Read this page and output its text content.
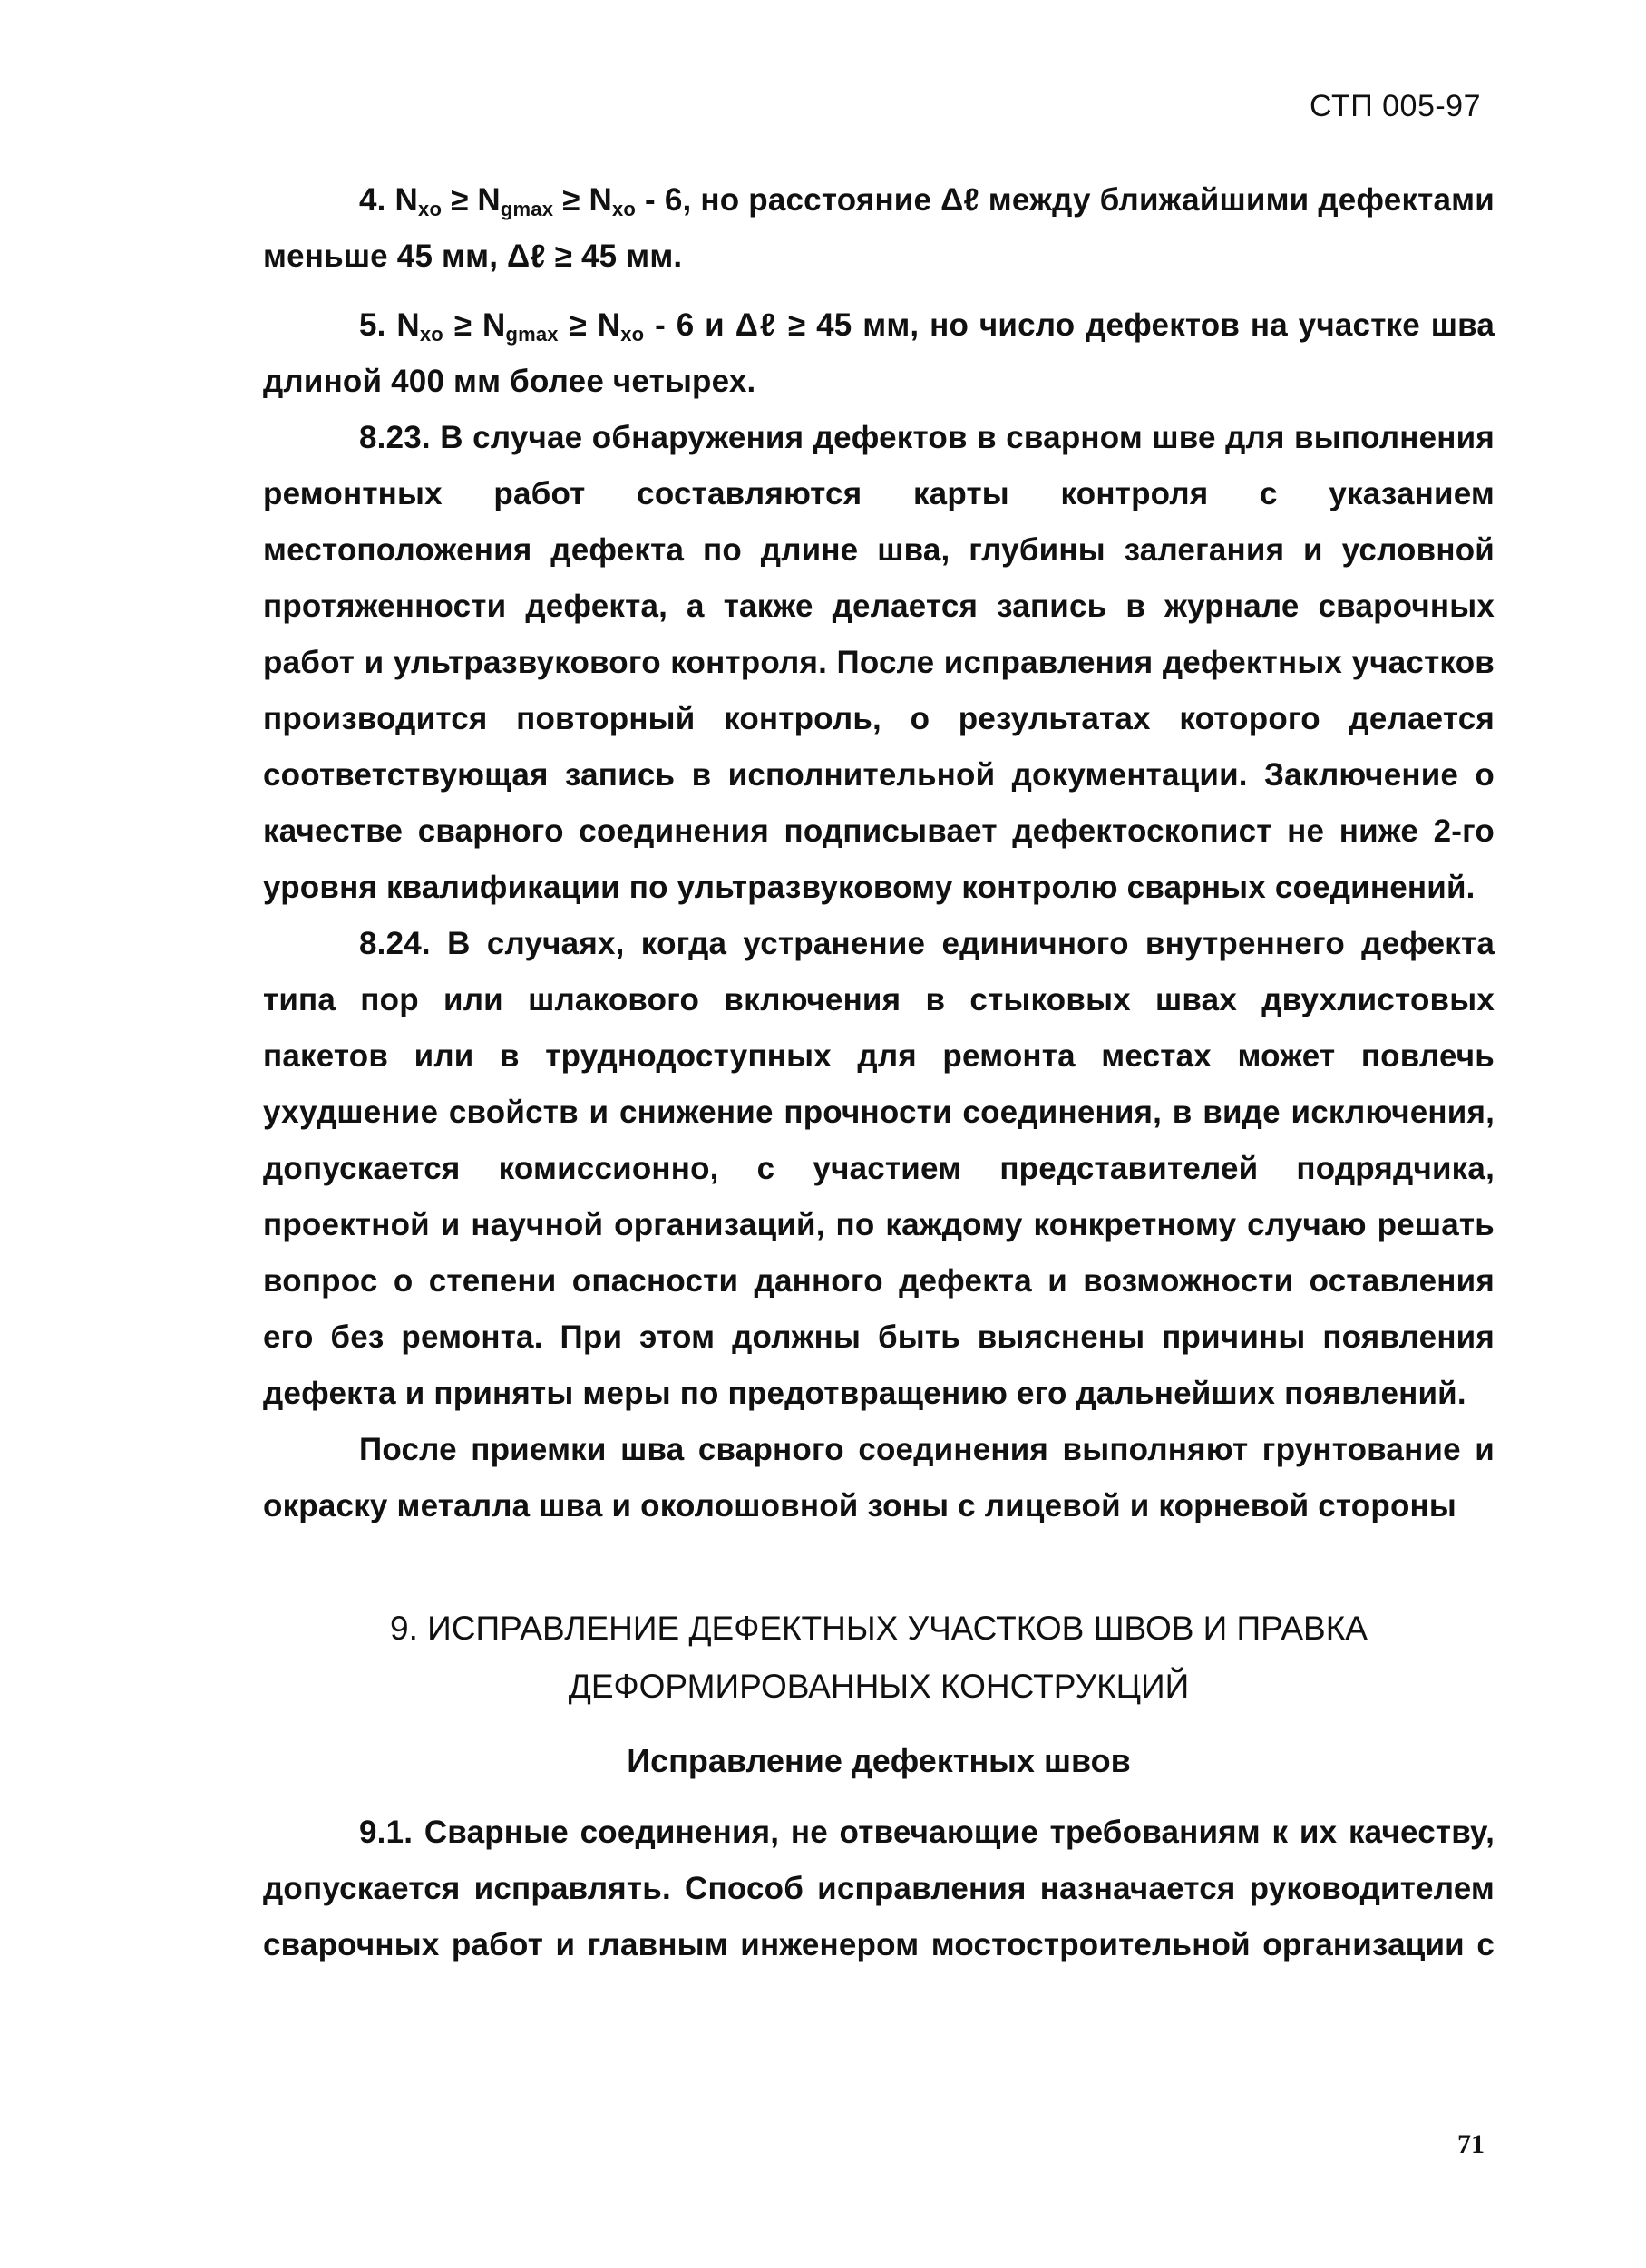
СТП 005-97

4. $N_{xo} \ge N_{gmax} \ge N_{xo} - 6$, но расстояние Δℓ между ближайшими дефектами меньше 45 мм, Δℓ ≥ 45 мм.

5. $N_{xo} \ge N_{gmax} \ge N_{xo} - 6$ и Δℓ ≥ 45 мм, но число дефектов на участке шва длиной 400 мм более четырех.

8.23. В случае обнаружения дефектов в сварном шве для выполнения ремонтных работ составляются карты контроля с указанием местоположения дефекта по длине шва, глубины залегания и условной протяженности дефекта, а также делается запись в журнале сварочных работ и ультразвукового контроля. После исправления дефектных участков производится повторный контроль, о результатах которого делается соответствующая запись в исполнительной документации. Заключение о качестве сварного соединения подписывает дефектоскопист не ниже 2-го уровня квалификации по ультразвуковому контролю сварных соединений.

8.24. В случаях, когда устранение единичного внутреннего дефекта типа пор или шлакового включения в стыковых швах двухлистовых пакетов или в труднодоступных для ремонта местах может повлечь ухудшение свойств и снижение прочности соединения, в виде исключения, допускается комиссионно, с участием представителей подрядчика, проектной и научной организаций, по каждому конкретному случаю решать вопрос о степени опасности данного дефекта и возможности оставления его без ремонта. При этом должны быть выяснены причины появления дефекта и приняты меры по предотвращению его дальнейших появлений.

После приемки шва сварного соединения выполняют грунтование и окраску металла шва и околошовной зоны с лицевой и корневой стороны

9. ИСПРАВЛЕНИЕ ДЕФЕКТНЫХ УЧАСТКОВ ШВОВ И ПРАВКА
ДЕФОРМИРОВАННЫХ КОНСТРУКЦИЙ
Исправление дефектных швов

9.1. Сварные соединения, не отвечающие требованиям к их качеству, допускается исправлять. Способ исправления назначается руководителем сварочных работ и главным инженером мостостроительной организации с

71
